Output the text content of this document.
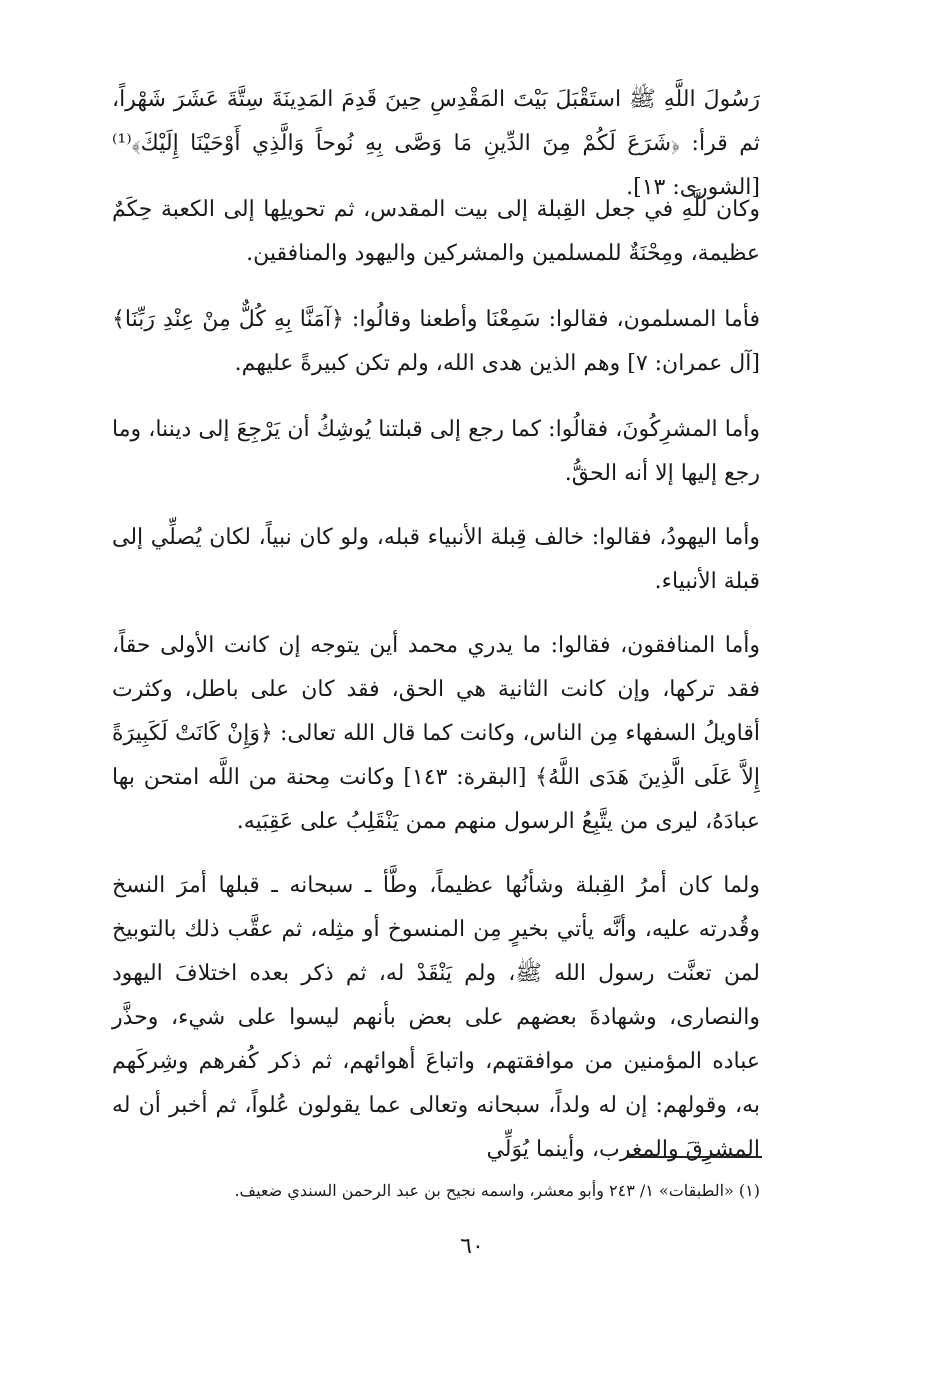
رَسُولَ اللَّهِ ﷺ استَقْبَلَ بَيْتَ المَقْدِسِ حِينَ قَدِمَ المَدِينَةَ سِتَّةَ عَشَرَ شَهْراً، ثم قرأ: ﴿شَرَعَ لَكُمْ مِنَ الدِّينِ مَا وَصَّى بِهِ نُوحاً وَالَّذِي أَوْحَيْنَا إِلَيْكَ﴾⁽¹⁾ [الشورى: ١٣].

وكان للَّهِ في جعل القِبلة إلى بيت المقدس، ثم تحويلِها إلى الكعبة حِكَمٌ عظيمة، ومِحْنَةٌ للمسلمين والمشركين واليهود والمنافقين.

فأما المسلمون، فقالوا: سَمِعْنَا وأطعنا وقالُوا: ﴿آمَنَّا بِهِ كُلٌّ مِنْ عِنْدِ رَبِّنَا﴾ [آل عمران: ٧] وهم الذين هدى الله، ولم تكن كبيرةً عليهم.

وأما المشرِكُونَ، فقالُوا: كما رجع إلى قبلتنا يُوشِكُ أن يَرْجِعَ إلى ديننا، وما رجع إليها إلا أنه الحقُّ.

وأما اليهودُ، فقالوا: خالف قِبلة الأنبياء قبله، ولو كان نبياً، لكان يُصلِّي إلى قبلة الأنبياء.

وأما المنافقون، فقالوا: ما يدري محمد أين يتوجه إن كانت الأولى حقاً، فقد تركها، وإن كانت الثانية هي الحق، فقد كان على باطل، وكثرت أقاويلُ السفهاء مِن الناس، وكانت كما قال الله تعالى: ﴿وَإِنْ كَانَتْ لَكَبِيرَةً إِلاَّ عَلَى الَّذِينَ هَدَى اللَّهُ﴾ [البقرة: ١٤٣] وكانت مِحنة من اللَّه امتحن بها عبادَهُ، ليرى من يتَّبِعُ الرسول منهم ممن يَنْقَلِبُ على عَقِبَيه.

ولما كان أمرُ القِبلة وشأنُها عظيماً، وطَّأ ـ سبحانه ـ قبلها أمرَ النسخ وقُدرته عليه، وأنَّه يأتي بخيرٍ مِن المنسوخ أو مثِله، ثم عقَّب ذلك بالتوبيخ لمن تعنَّت رسول الله ﷺ، ولم يَنْقَدْ له، ثم ذكر بعده اختلافَ اليهود والنصارى، وشهادةَ بعضهم على بعض بأنهم ليسوا على شيء، وحذَّر عباده المؤمنين من موافقتهم، واتباعَ أهوائهم، ثم ذكر كُفرهم وشِركَهم به، وقولهم: إن له ولداً، سبحانه وتعالى عما يقولون عُلواً، ثم أخبر أن له المشرِقَ والمغرب، وأينما يُوَلِّي

(١) «الطبقات» ١/ ٢٤٣ وأبو معشر، واسمه نجيح بن عبد الرحمن السندي ضعيف.
٦٠
